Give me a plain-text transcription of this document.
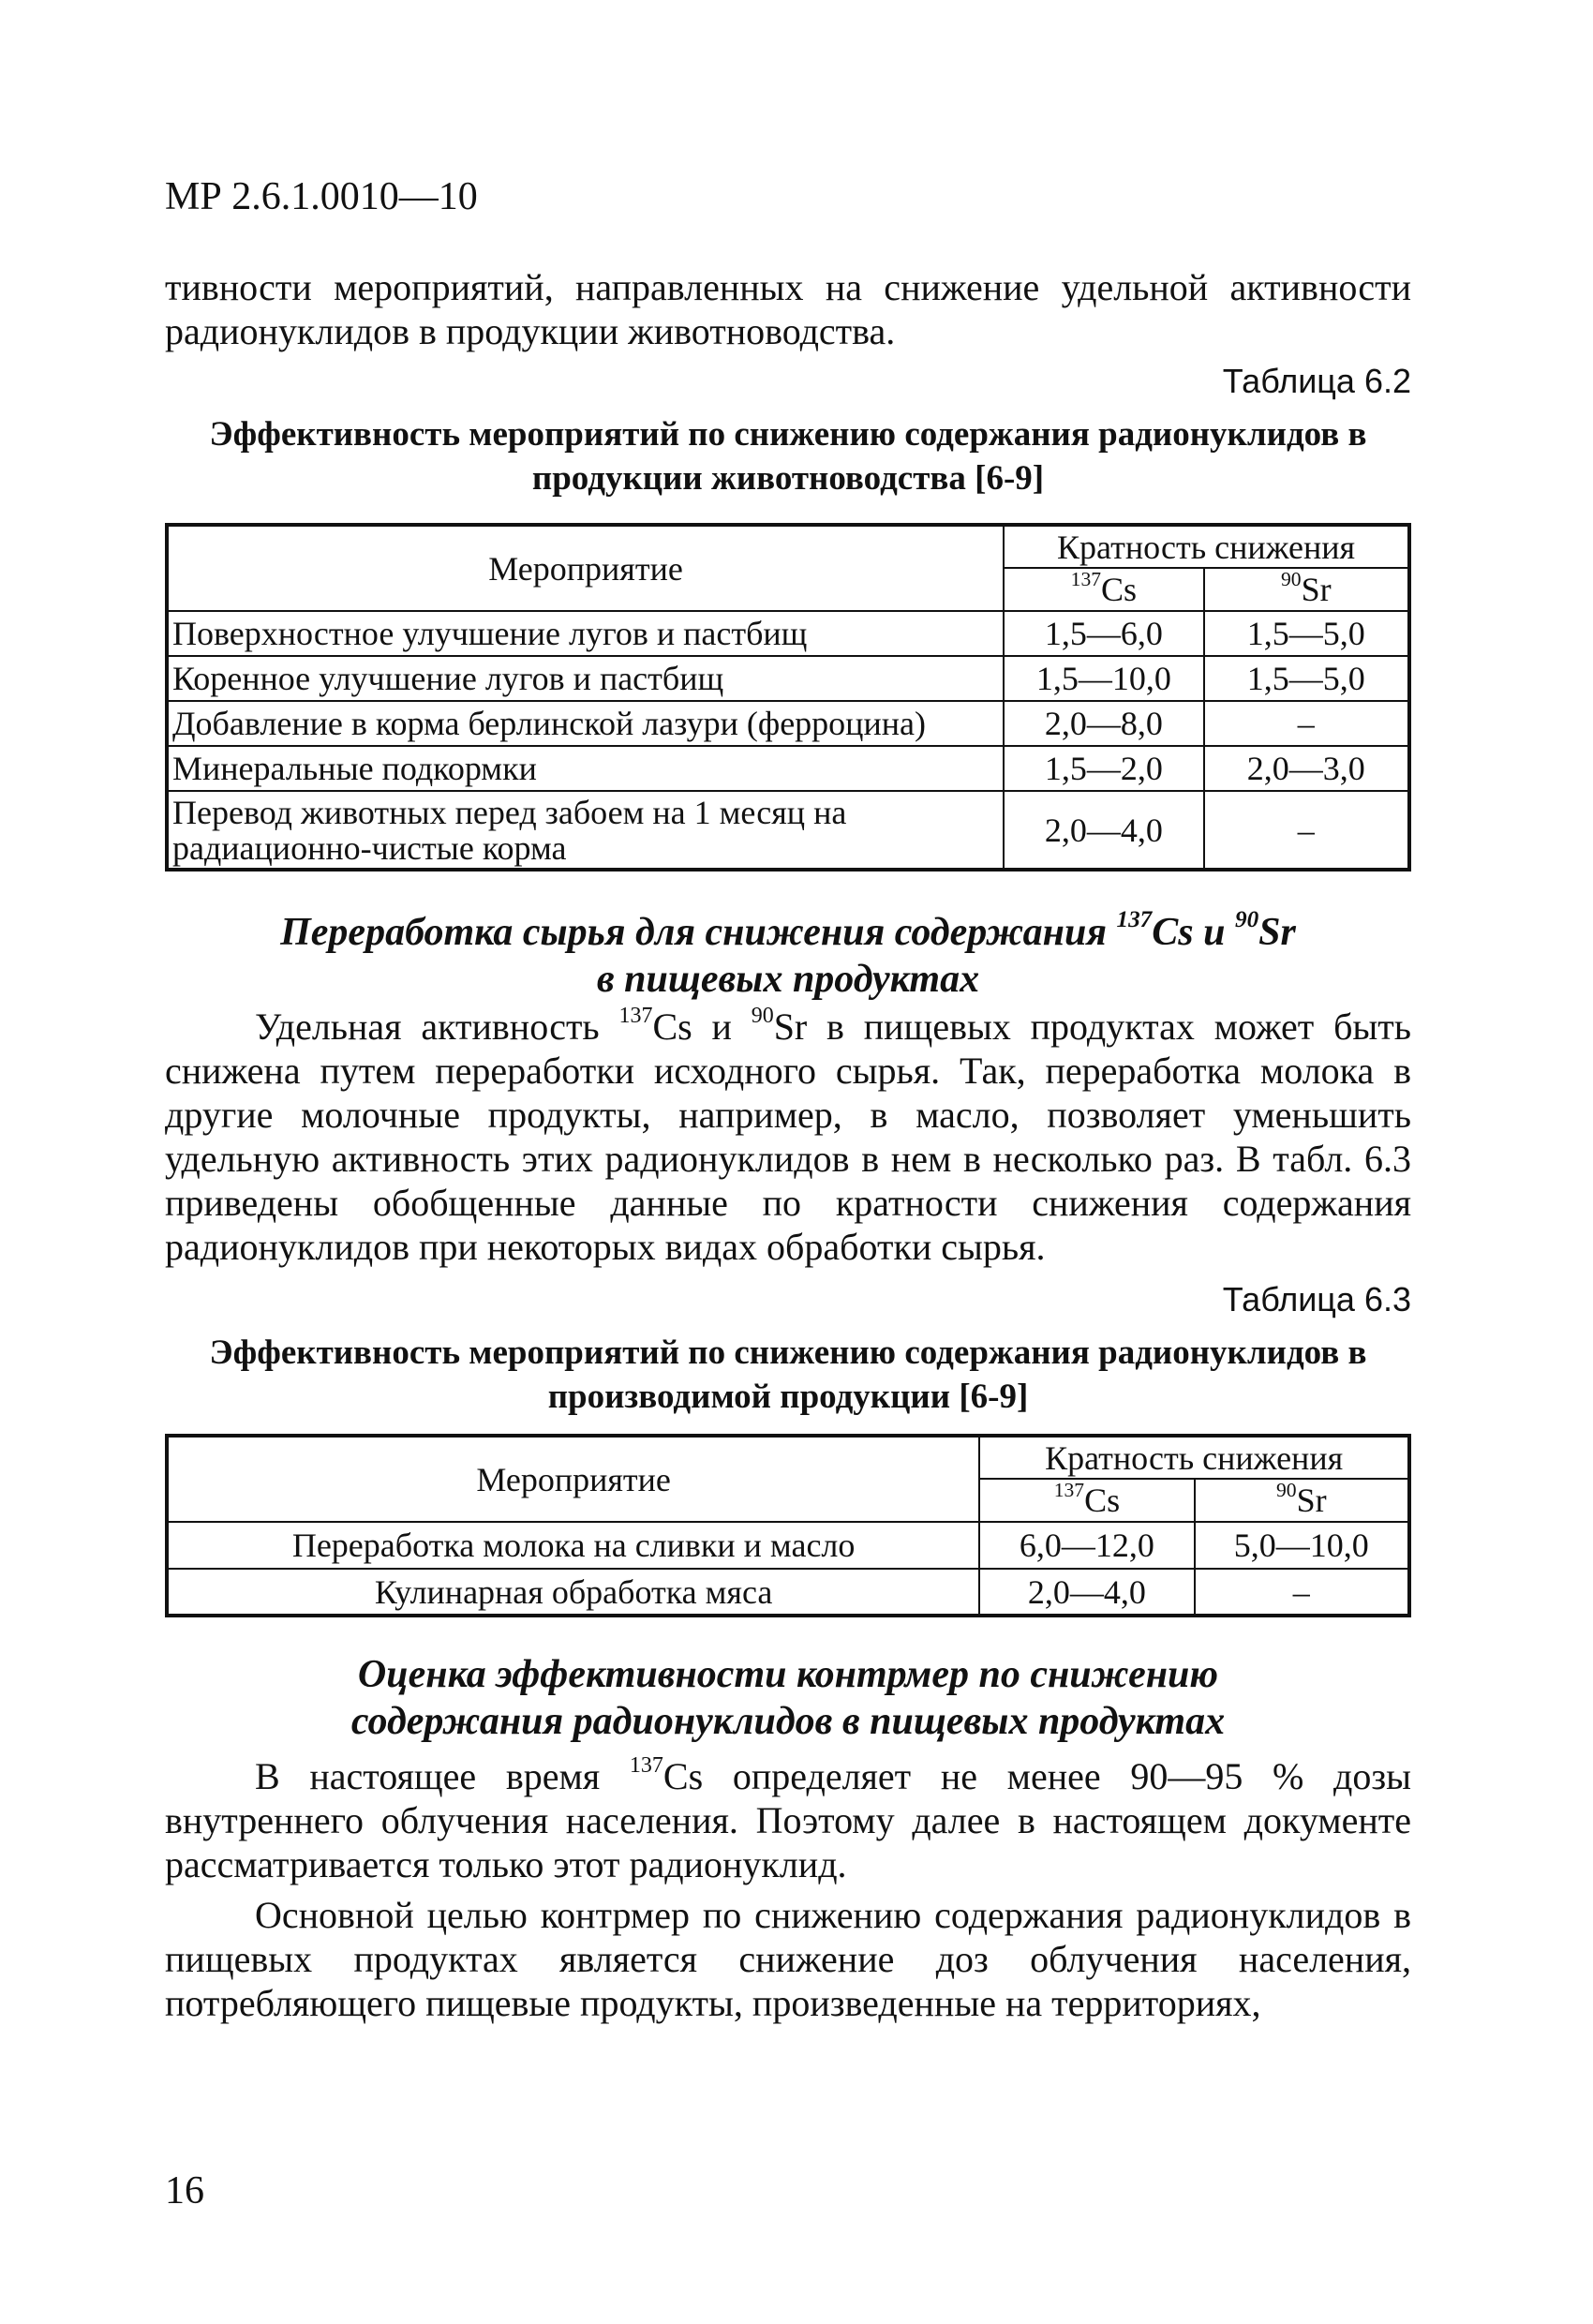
МР 2.6.1.0010—10
тивности мероприятий, направленных на снижение удельной активности радионуклидов в продукции животноводства.
Таблица 6.2
Эффективность мероприятий по снижению содержания радионуклидов в продукции животноводства [6-9]
Мероприятие	Кратность снижения	
	$^{137}$Cs	$^{90}$Sr
Поверхностное улучшение лугов и пастбищ	1,5—6,0	1,5—5,0
Коренное улучшение лугов и пастбищ	1,5—10,0	1,5—5,0
Добавление в корма берлинской лазури (ферроцина)	2,0—8,0	–
Минеральные подкормки	1,5—2,0	2,0—3,0
Перевод животных перед забоем на 1 месяц на радиационно-чистые корма	2,0—4,0	–
Переработка сырья для снижения содержания $^{137}$Cs и $^{90}$Sr
в пищевых продуктах
Удельная активность $^{137}$Cs и $^{90}$Sr в пищевых продуктах может быть снижена путем переработки исходного сырья. Так, переработка молока в другие молочные продукты, например, в масло, позволяет уменьшить удельную активность этих радионуклидов в нем в несколько раз. В табл. 6.3 приведены обобщенные данные по кратности снижения содержания радионуклидов при некоторых видах обработки сырья.
Таблица 6.3
Эффективность мероприятий по снижению содержания радионуклидов в производимой продукции [6-9]
Мероприятие	Кратность снижения	
	$^{137}$Cs	$^{90}$Sr
Переработка молока на сливки и масло	6,0—12,0	5,0—10,0
Кулинарная обработка мяса	2,0—4,0	–
Оценка эффективности контрмер по снижению содержания радионуклидов в пищевых продуктах
В настоящее время $^{137}$Cs определяет не менее 90—95 % дозы внутреннего облучения населения. Поэтому далее в настоящем документе рассматривается только этот радионуклид.
Основной целью контрмер по снижению содержания радионуклидов в пищевых продуктах является снижение доз облучения населения, потребляющего пищевые продукты, произведенные на территориях,
16
